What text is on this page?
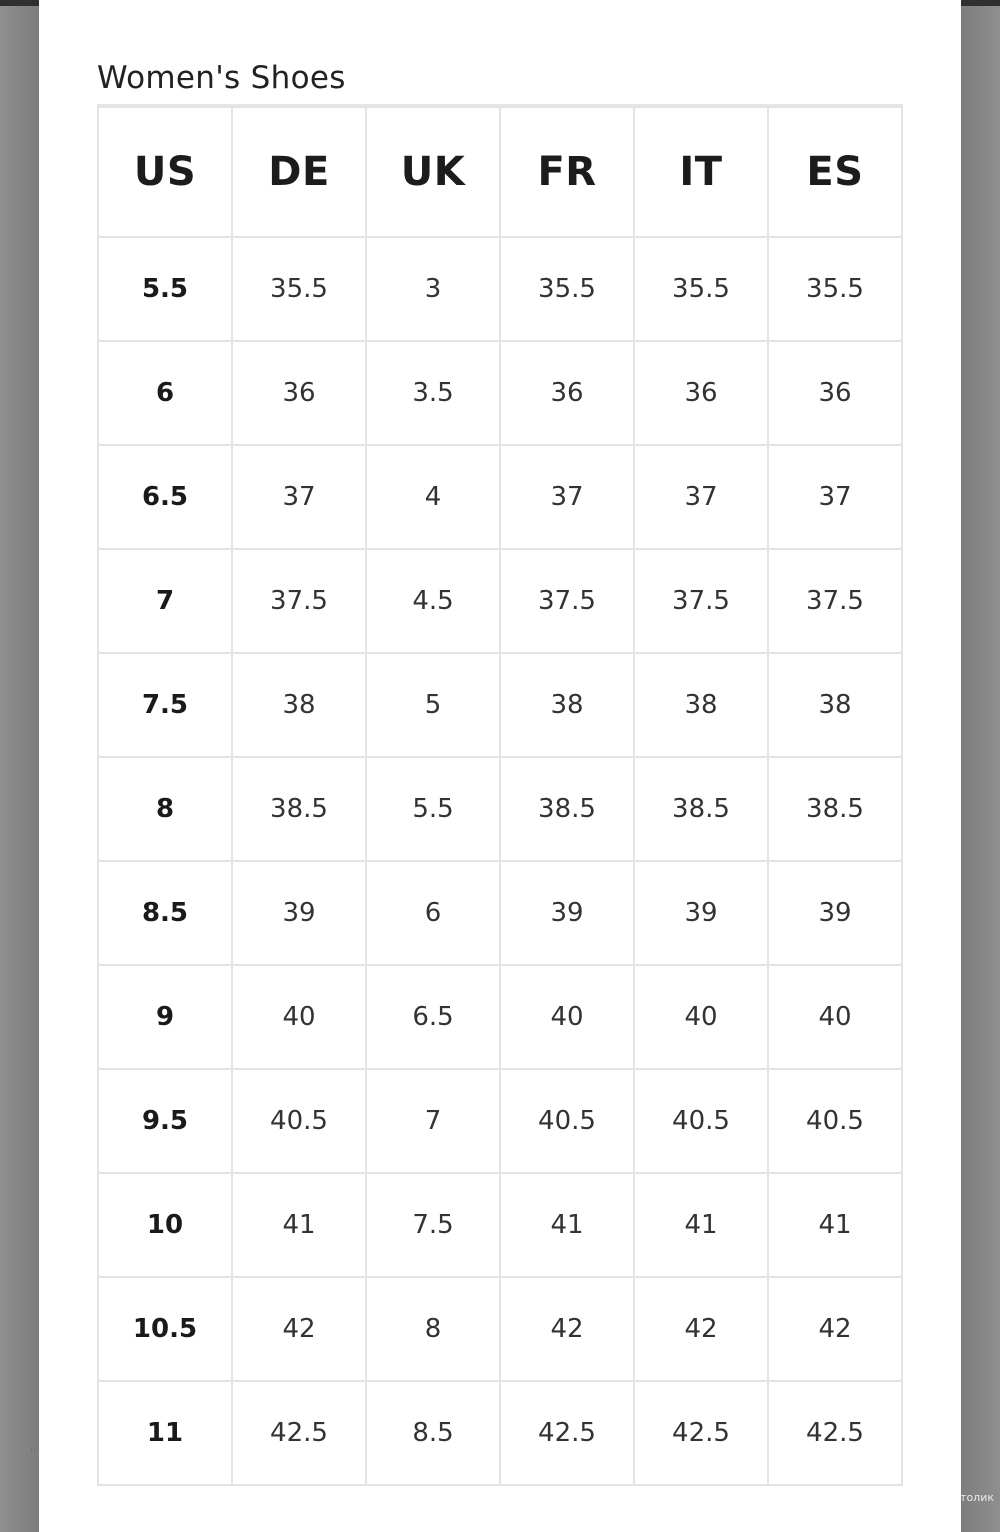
..
Women's Shoes
US	DE	UK	FR	IT	ES
5.5	35.5	3	35.5	35.5	35.5
6	36	3.5	36	36	36
6.5	37	4	37	37	37
7	37.5	4.5	37.5	37.5	37.5
7.5	38	5	38	38	38
8	38.5	5.5	38.5	38.5	38.5
8.5	39	6	39	39	39
9	40	6.5	40	40	40
9.5	40.5	7	40.5	40.5	40.5
10	41	7.5	41	41	41
10.5	42	8	42	42	42
11	42.5	8.5	42.5	42.5	42.5
толик
